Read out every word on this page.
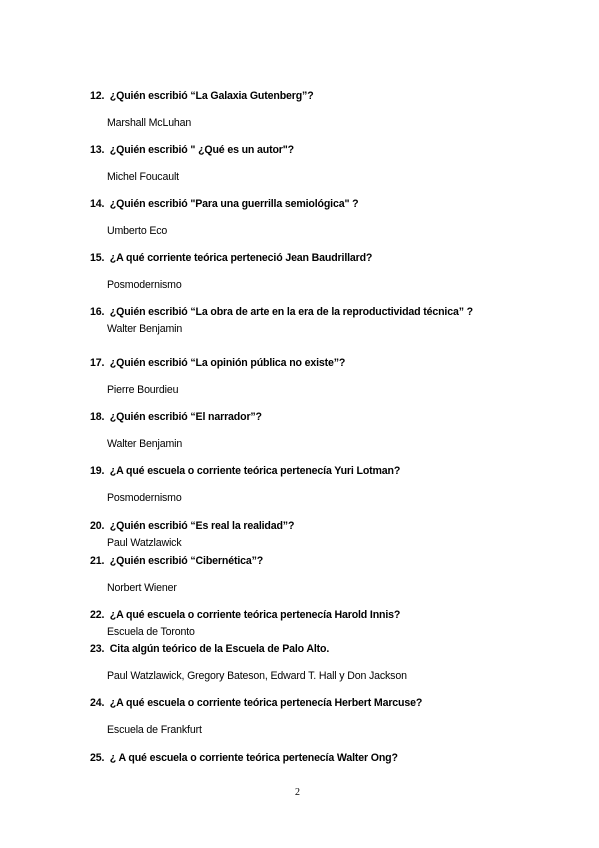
12. ¿Quién escribió “La Galaxia Gutenberg”?
Marshall McLuhan
13. ¿Quién escribió " ¿Qué es un autor"?
Michel Foucault
14. ¿Quién escribió "Para una guerrilla semiológica" ?
Umberto Eco
15. ¿A qué corriente teórica perteneció Jean Baudrillard?
Posmodernismo
16. ¿Quién escribió “La obra de arte en la era de la reproductividad técnica” ?
Walter Benjamin
17. ¿Quién escribió “La opinión pública no existe”?
Pierre Bourdieu
18. ¿Quién escribió “El narrador”?
Walter Benjamin
19. ¿A qué escuela o corriente teórica pertenecía Yuri Lotman?
Posmodernismo
20. ¿Quién escribió “Es real la realidad”?
Paul Watzlawick
21. ¿Quién escribió “Cibernética”?
Norbert Wiener
22. ¿A qué escuela o corriente teórica pertenecía Harold Innis?
Escuela de Toronto
23. Cita algún teórico de la Escuela de Palo Alto.
Paul Watzlawick, Gregory Bateson, Edward T. Hall y Don Jackson
24. ¿A qué escuela o corriente teórica pertenecía Herbert Marcuse?
Escuela de Frankfurt
25. ¿ A qué escuela o corriente teórica pertenecía Walter Ong?
2
